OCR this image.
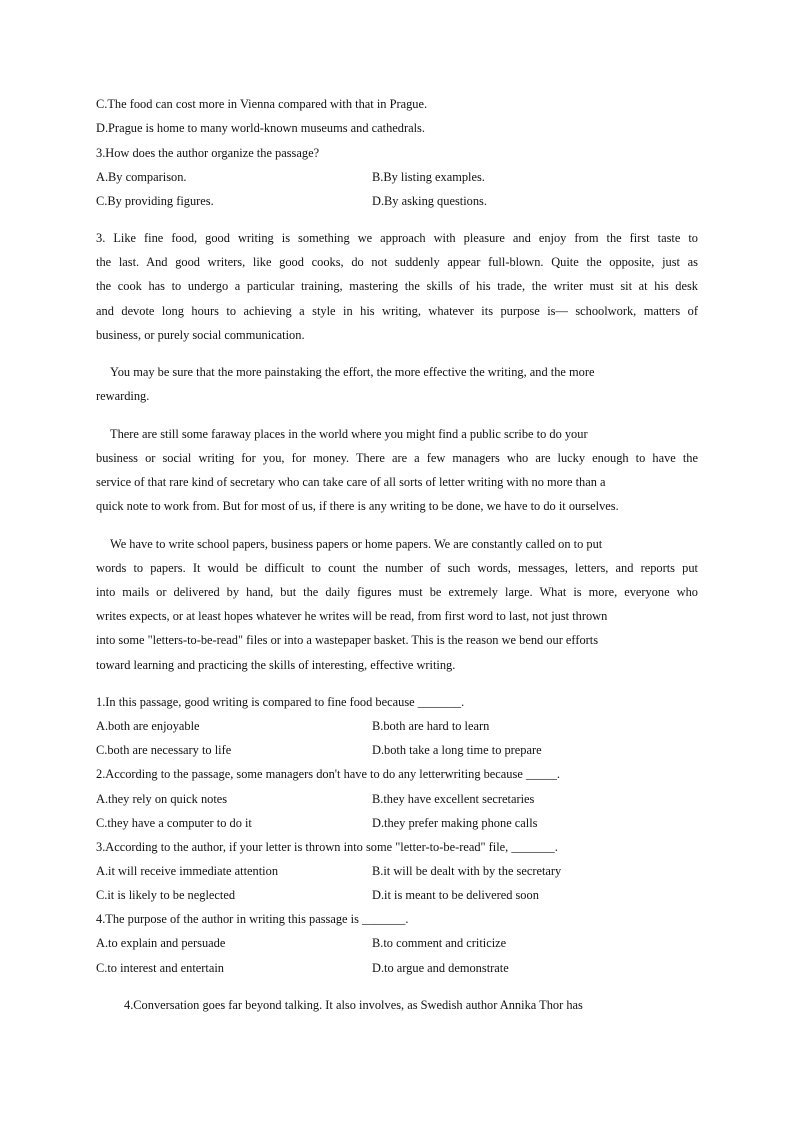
C.The food can cost more in Vienna compared with that in Prague.
D.Prague is home to many world-known museums and cathedrals.
3.How does the author organize the passage?
A.By comparison.	B.By listing examples.
C.By providing figures.	D.By asking questions.
3. Like fine food, good writing is something we approach with pleasure and enjoy from the first taste to
the last. And good writers, like good cooks, do not suddenly appear full-blown. Quite the opposite, just as
the cook has to undergo a particular training, mastering the skills of his trade, the writer must sit at his desk
and devote long hours to achieving a style in his writing, whatever its purpose is— schoolwork, matters of
business, or purely social communication.
You may be sure that the more painstaking the effort, the more effective the writing, and the more
rewarding.
There are still some faraway places in the world where you might find a public scribe to do your
business or social writing for you, for money. There are a few managers who are lucky enough to have the
service of that rare kind of secretary who can take care of all sorts of letter writing with no more than a
quick note to work from. But for most of us, if there is any writing to be done, we have to do it ourselves.
We have to write school papers, business papers or home papers. We are constantly called on to put
words to papers. It would be difficult to count the number of such words, messages, letters, and reports put
into mails or delivered by hand, but the daily figures must be extremely large. What is more, everyone who
writes expects, or at least hopes whatever he writes will be read, from first word to last, not just thrown
into some "letters-to-be-read" files or into a wastepaper basket. This is the reason we bend our efforts
toward learning and practicing the skills of interesting, effective writing.
1.In this passage, good writing is compared to fine food because _______.
A.both are enjoyable	B.both are hard to learn
C.both are necessary to life	D.both take a long time to prepare
2.According to the passage, some managers don't have to do any letterwriting because _____.
A.they rely on quick notes	B.they have excellent secretaries
C.they have a computer to do it	D.they prefer making phone calls
3.According to the author, if your letter is thrown into some "letter-to-be-read" file, _______.
A.it will receive immediate attention	B.it will be dealt with by the secretary
C.it is likely to be neglected	D.it is meant to be delivered soon
4.The purpose of the author in writing this passage is _______.
A.to explain and persuade	B.to comment and criticize
C.to interest and entertain	D.to argue and demonstrate
4.Conversation goes far beyond talking. It also involves, as Swedish author Annika Thor has
